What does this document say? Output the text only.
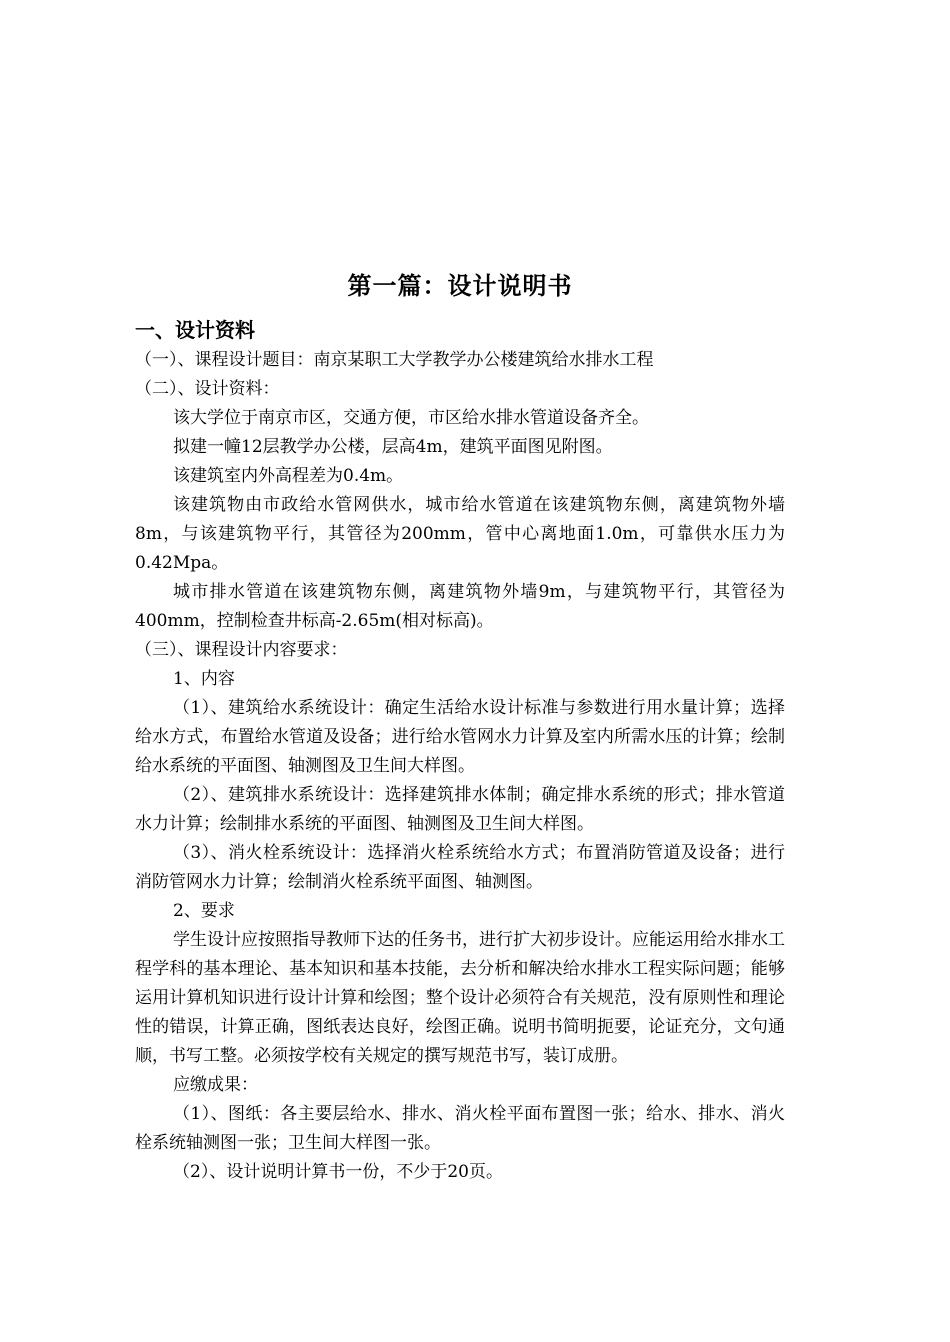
第一篇：设计说明书
一、设计资料

（一）、课程设计题目：南京某职工大学教学办公楼建筑给水排水工程

（二）、设计资料：

该大学位于南京市区，交通方便，市区给水排水管道设备齐全。

拟建一幢12层教学办公楼，层高4m，建筑平面图见附图。

该建筑室内外高程差为0.4m。

该建筑物由市政给水管网供水，城市给水管道在该建筑物东侧，离建筑物外墙8m，与该建筑物平行，其管径为200mm，管中心离地面1.0m，可靠供水压力为0.42Mpa。

城市排水管道在该建筑物东侧，离建筑物外墙9m，与建筑物平行，其管径为400mm，控制检查井标高-2.65m(相对标高)。

（三）、课程设计内容要求：

1、内容

（1）、建筑给水系统设计：确定生活给水设计标准与参数进行用水量计算；选择给水方式，布置给水管道及设备；进行给水管网水力计算及室内所需水压的计算；绘制给水系统的平面图、轴测图及卫生间大样图。

（2）、建筑排水系统设计：选择建筑排水体制；确定排水系统的形式；排水管道水力计算；绘制排水系统的平面图、轴测图及卫生间大样图。

（3）、消火栓系统设计：选择消火栓系统给水方式；布置消防管道及设备；进行消防管网水力计算；绘制消火栓系统平面图、轴测图。

2、要求

学生设计应按照指导教师下达的任务书，进行扩大初步设计。应能运用给水排水工程学科的基本理论、基本知识和基本技能，去分析和解决给水排水工程实际问题；能够运用计算机知识进行设计计算和绘图；整个设计必须符合有关规范，没有原则性和理论性的错误，计算正确，图纸表达良好，绘图正确。说明书简明扼要，论证充分，文句通顺，书写工整。必须按学校有关规定的撰写规范书写，装订成册。

应缴成果：

（1）、图纸：各主要层给水、排水、消火栓平面布置图一张；给水、排水、消火栓系统轴测图一张；卫生间大样图一张。

（2）、设计说明计算书一份，不少于20页。
